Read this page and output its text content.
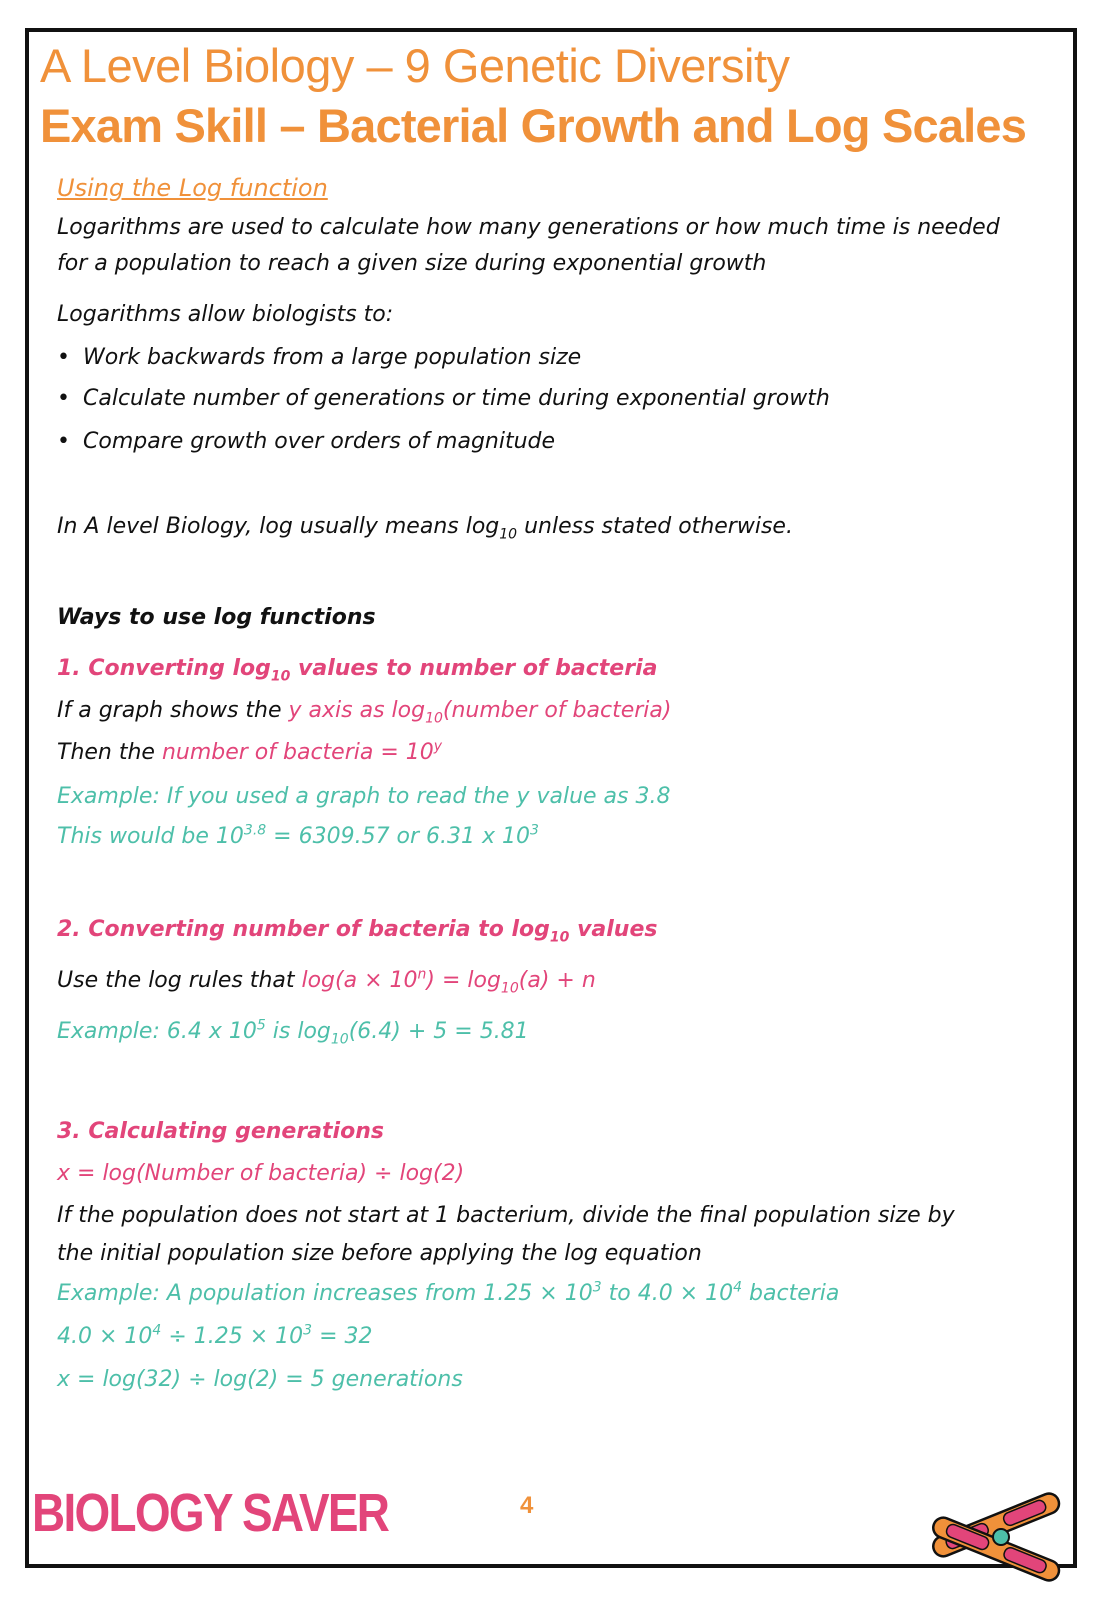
A Level Biology – 9 Genetic Diversity
Exam Skill – Bacterial Growth and Log Scales
Using the Log function
Logarithms are used to calculate how many generations or how much time is needed
for a population to reach a given size during exponential growth
Logarithms allow biologists to:
• Work backwards from a large population size
• Calculate number of generations or time during exponential growth
• Compare growth over orders of magnitude
In A level Biology, log usually means $\log_{10}$ unless stated otherwise.
Ways to use log functions
1. Converting $\log_{10}$ values to number of bacteria
If a graph shows the y axis as $\log_{10}(number$ of bacteria)
Then the number of bacteria = $10^y$
Example: If you used a graph to read the y value as 3.8
This would be $10^{3.8} = 6309.57$ or 6.31 x $10^3$
2. Converting number of bacteria to $\log_{10}$ values
Use the log rules that $\log(a \times 10^n) = \log_{10}(a) + n$
Example: 6.4 x $10^5$ is $\log_{10}(6.4) + 5 = 5.81$
3. Calculating generations
x = log(Number of bacteria) ÷ log(2)
If the population does not start at 1 bacterium, divide the final population size by
the initial population size before applying the log equation
Example: A population increases from $1.25 \times 10^3$ to $4.0 \times 10^4$ bacteria
$4.0 \times 10^4 \div 1.25 \times 10^3 = 32$
x = log(32) ÷ log(2) = 5 generations
BIOLOGY SAVER	4
